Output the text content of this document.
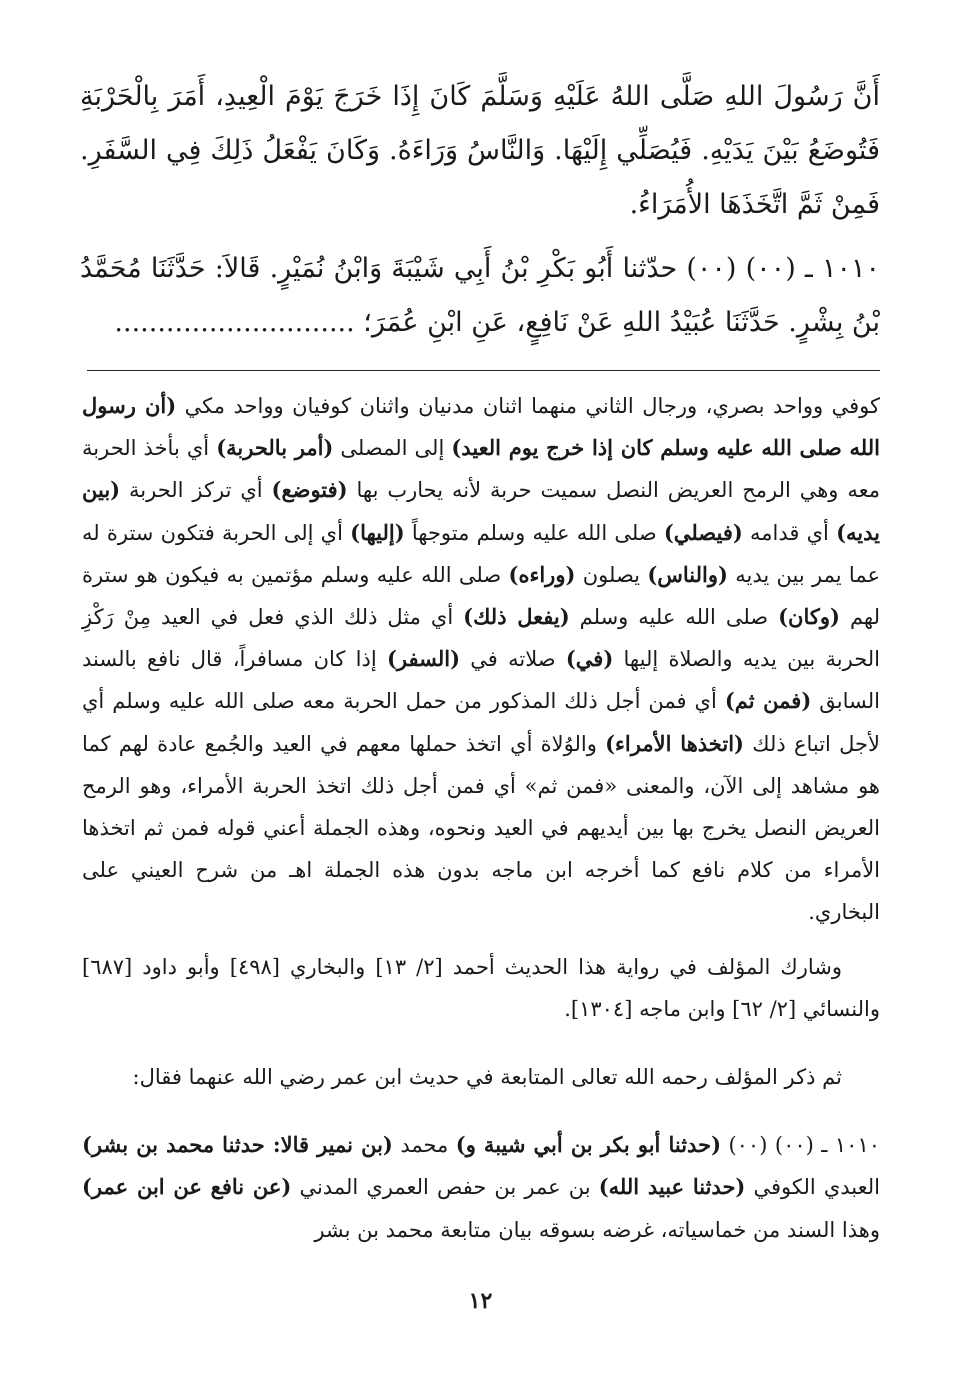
أَنَّ رَسُولَ اللهِ صَلَّى اللهُ عَلَيْهِ وَسَلَّمَ كَانَ إِذَا خَرَجَ يَوْمَ الْعِيدِ، أَمَرَ بِالْحَرْبَةِ فَتُوضَعُ بَيْنَ يَدَيْهِ. فَيُصَلِّي إِلَيْهَا. وَالنَّاسُ وَرَاءَهُ. وَكَانَ يَفْعَلُ ذَلِكَ فِي السَّفَرِ. فَمِنْ ثَمَّ اتَّخَذَهَا الأُمَرَاءُ.

١٠١٠ ـ (٠٠) (٠٠) حدّثنا أَبُو بَكْرِ بْنُ أَبِي شَيْبَةَ وَابْنُ نُمَيْرٍ. قَالاَ: حَدَّثَنَا مُحَمَّدُ بْنُ بِشْرٍ. حَدَّثَنَا عُبَيْدُ اللهِ عَنْ نَافِعٍ، عَنِ ابْنِ عُمَرَ؛ ............................

كوفي وواحد بصري، ورجال الثاني منهما اثنان مدنيان واثنان كوفيان وواحد مكي (أن رسول الله صلى الله عليه وسلم كان إذا خرج يوم العيد) إلى المصلى (أمر بالحربة) أي بأخذ الحربة معه وهي الرمح العريض النصل سميت حربة لأنه يحارب بها (فتوضع) أي تركز الحربة (بين يديه) أي قدامه (فيصلي) صلى الله عليه وسلم متوجهاً (إليها) أي إلى الحربة فتكون سترة له عما يمر بين يديه (والناس) يصلون (وراءه) صلى الله عليه وسلم مؤتمين به فيكون هو سترة لهم (وكان) صلى الله عليه وسلم (يفعل ذلك) أي مثل ذلك الذي فعل في العيد مِنْ رَكْزِ الحربة بين يديه والصلاة إليها (في) صلاته في (السفر) إذا كان مسافراً، قال نافع بالسند السابق (فمن ثم) أي فمن أجل ذلك المذكور من حمل الحربة معه صلى الله عليه وسلم أي لأجل اتباع ذلك (اتخذها الأمراء) والوُلاة أي اتخذ حملها معهم في العيد والجُمع عادة لهم كما هو مشاهد إلى الآن، والمعنى «فمن ثم» أي فمن أجل ذلك اتخذ الحربة الأمراء، وهو الرمح العريض النصل يخرج بها بين أيديهم في العيد ونحوه، وهذه الجملة أعني قوله فمن ثم اتخذها الأمراء من كلام نافع كما أخرجه ابن ماجه بدون هذه الجملة اهـ من شرح العيني على البخاري.

وشارك المؤلف في رواية هذا الحديث أحمد [٢/ ١٣] والبخاري [٤٩٨] وأبو داود [٦٨٧] والنسائي [٢/ ٦٢] وابن ماجه [١٣٠٤].

ثم ذكر المؤلف رحمه الله تعالى المتابعة في حديث ابن عمر رضي الله عنهما فقال:

١٠١٠ ـ (٠٠) (٠٠) (حدثنا أبو بكر بن أبي شيبة و) محمد (بن نمير قالا: حدثنا محمد بن بشر) العبدي الكوفي (حدثنا عبيد الله) بن عمر بن حفص العمري المدني (عن نافع عن ابن عمر) وهذا السند من خماسياته، غرضه بسوقه بيان متابعة محمد بن بشر

١٢
